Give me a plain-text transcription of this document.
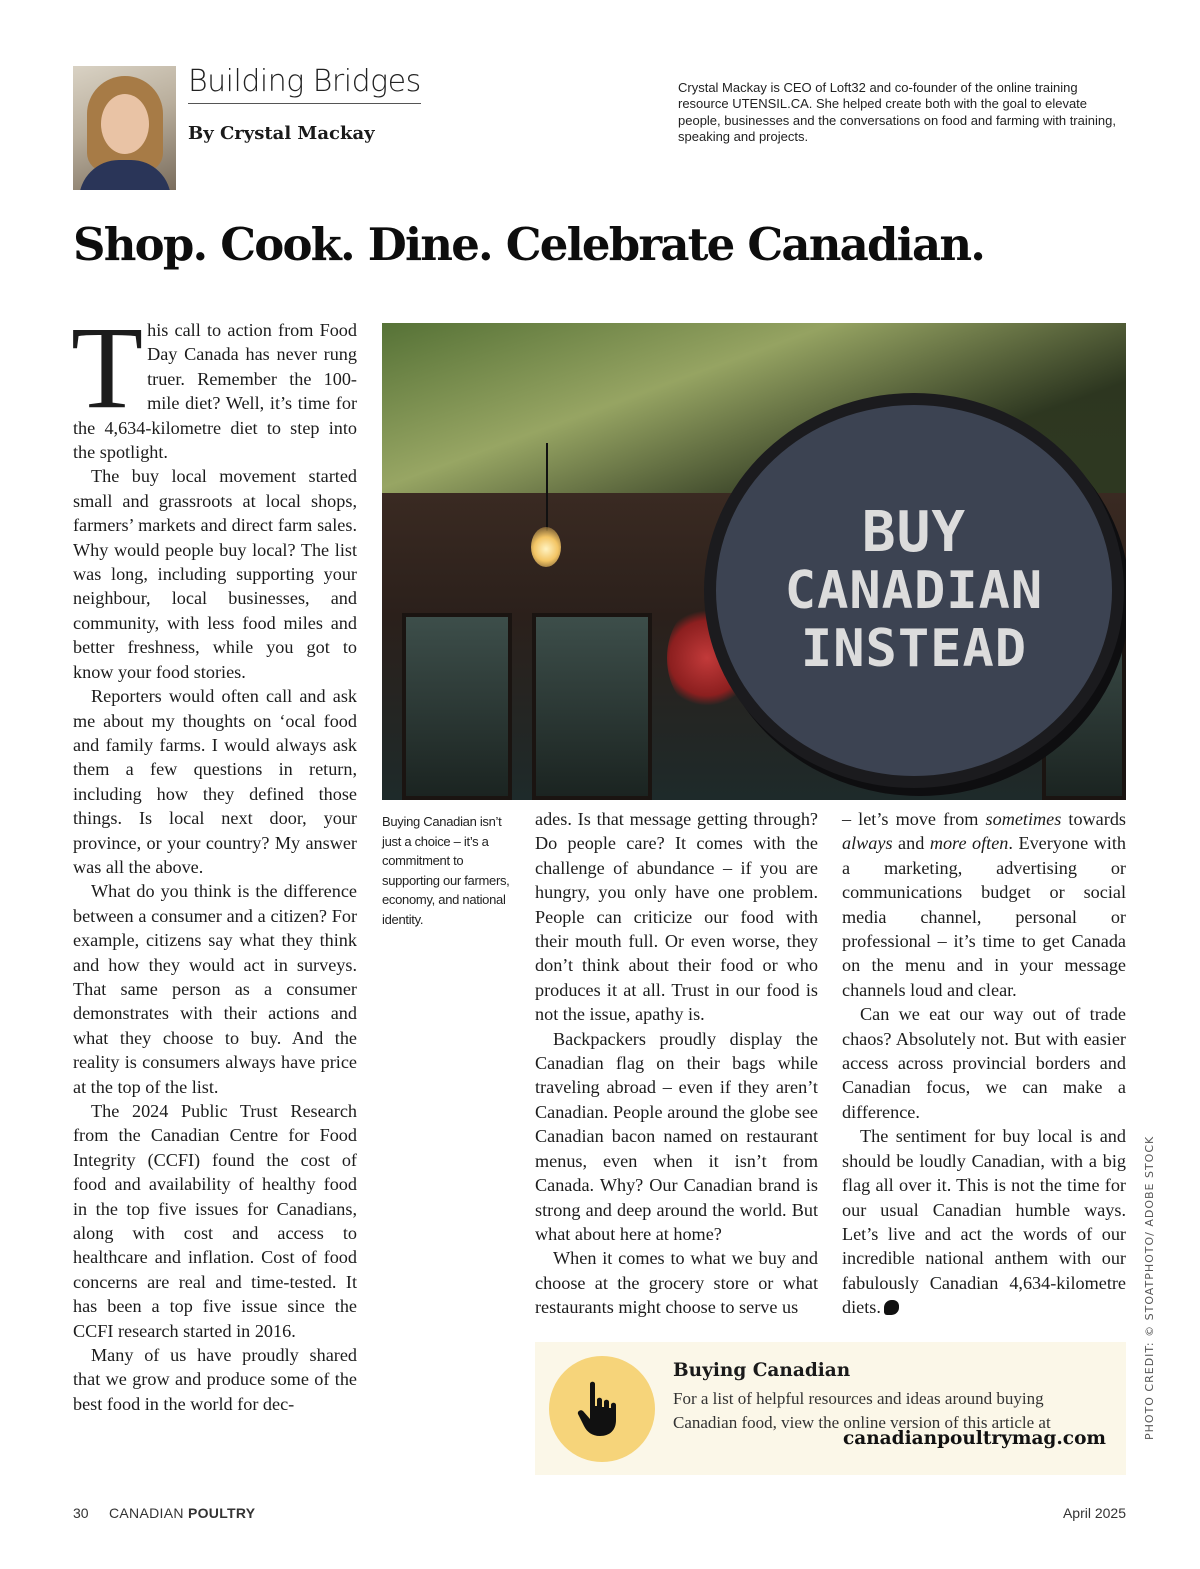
Building Bridges
By Crystal Mackay
Crystal Mackay is CEO of Loft32 and co-founder of the online training resource UTENSIL.CA. She helped create both with the goal to elevate people, businesses and the conversations on food and farming with training, speaking and projects.
Shop. Cook. Dine. Celebrate Canadian.

This call to action from Food Day Canada has never rung truer. Remember the 100-mile diet? Well, it’s time for the 4,634-kilometre diet to step into the spotlight.

The buy local movement started small and grassroots at local shops, farmers’ markets and direct farm sales. Why would people buy local? The list was long, including supporting your neighbour, local businesses, and community, with less food miles and better freshness, while you got to know your food stories.

Reporters would often call and ask me about my thoughts on ‘ocal food and family farms. I would always ask them a few questions in return, including how they defined those things. Is local next door, your province, or your country? My answer was all the above.

What do you think is the difference between a consumer and a citizen? For example, citizens say what they think and how they would act in surveys. That same person as a consumer demonstrates with their actions and what they choose to buy. And the reality is consumers always have price at the top of the list.

The 2024 Public Trust Research from the Canadian Centre for Food Integrity (CCFI) found the cost of food and availability of healthy food in the top five issues for Canadians, along with cost and access to healthcare and inflation. Cost of food concerns are real and time-tested. It has been a top five issue since the CCFI research started in 2016.

Many of us have proudly shared that we grow and produce some of the best food in the world for dec-

BUY
CANADIAN
INSTEAD
Buying Canadian isn’t just a choice – it’s a commitment to supporting our farmers, economy, and national identity.

ades. Is that message getting through? Do people care? It comes with the challenge of abundance – if you are hungry, you only have one problem. People can criticize our food with their mouth full. Or even worse, they don’t think about their food or who produces it at all. Trust in our food is not the issue, apathy is.

Backpackers proudly display the Canadian flag on their bags while traveling abroad – even if they aren’t Canadian. People around the globe see Canadian bacon named on restaurant menus, even when it isn’t from Canada. Why? Our Canadian brand is strong and deep around the world. But what about here at home?

When it comes to what we buy and choose at the grocery store or what restaurants might choose to serve us

– let’s move from sometimes towards always and more often. Everyone with a marketing, advertising or communications budget or social media channel, personal or professional – it’s time to get Canada on the menu and in your message channels loud and clear.

Can we eat our way out of trade chaos? Absolutely not. But with easier access across provincial borders and Canadian focus, we can make a difference.

The sentiment for buy local is and should be loudly Canadian, with a big flag all over it. This is not the time for our usual Canadian humble ways. Let’s live and act the words of our incredible national anthem with our fabulously Canadian 4,634-kilometre diets.	PHOTO CREDIT: © STOATPHOTO/ ADOBE STOCK
Buying Canadian
For a list of helpful resources and ideas around buying Canadian food, view the online version of this article at
canadianpoultrymag.com
30 CANADIAN POULTRY	April 2025
